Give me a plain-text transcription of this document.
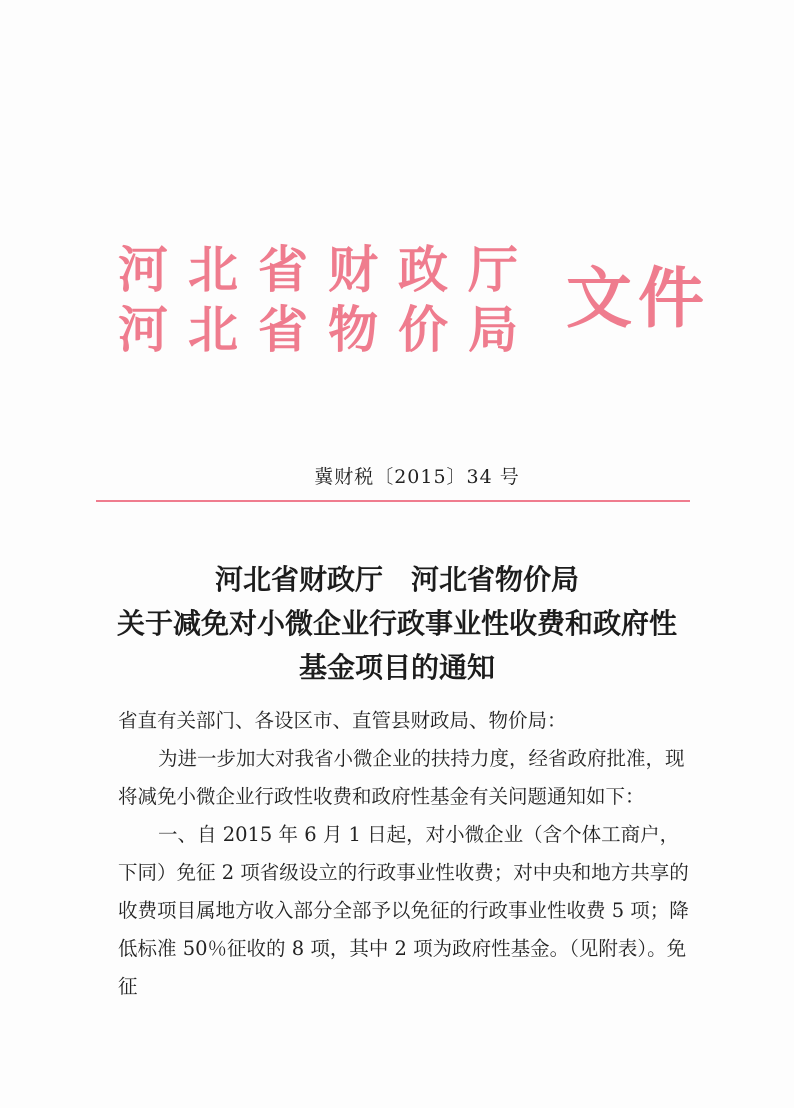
河北省财政厅
河北省物价局 文件
冀财税〔2015〕34 号
河北省财政厅 河北省物价局
关于减免对小微企业行政事业性收费和政府性
基金项目的通知

省直有关部门、各设区市、直管县财政局、物价局：

为进一步加大对我省小微企业的扶持力度，经省政府批准，现将减免小微企业行政性收费和政府性基金有关问题通知如下：

一、自 2015 年 6 月 1 日起，对小微企业（含个体工商户，下同）免征 2 项省级设立的行政事业性收费；对中央和地方共享的收费项目属地方收入部分全部予以免征的行政事业性收费 5 项；降低标准 50％征收的 8 项，其中 2 项为政府性基金。（见附表）。免征
